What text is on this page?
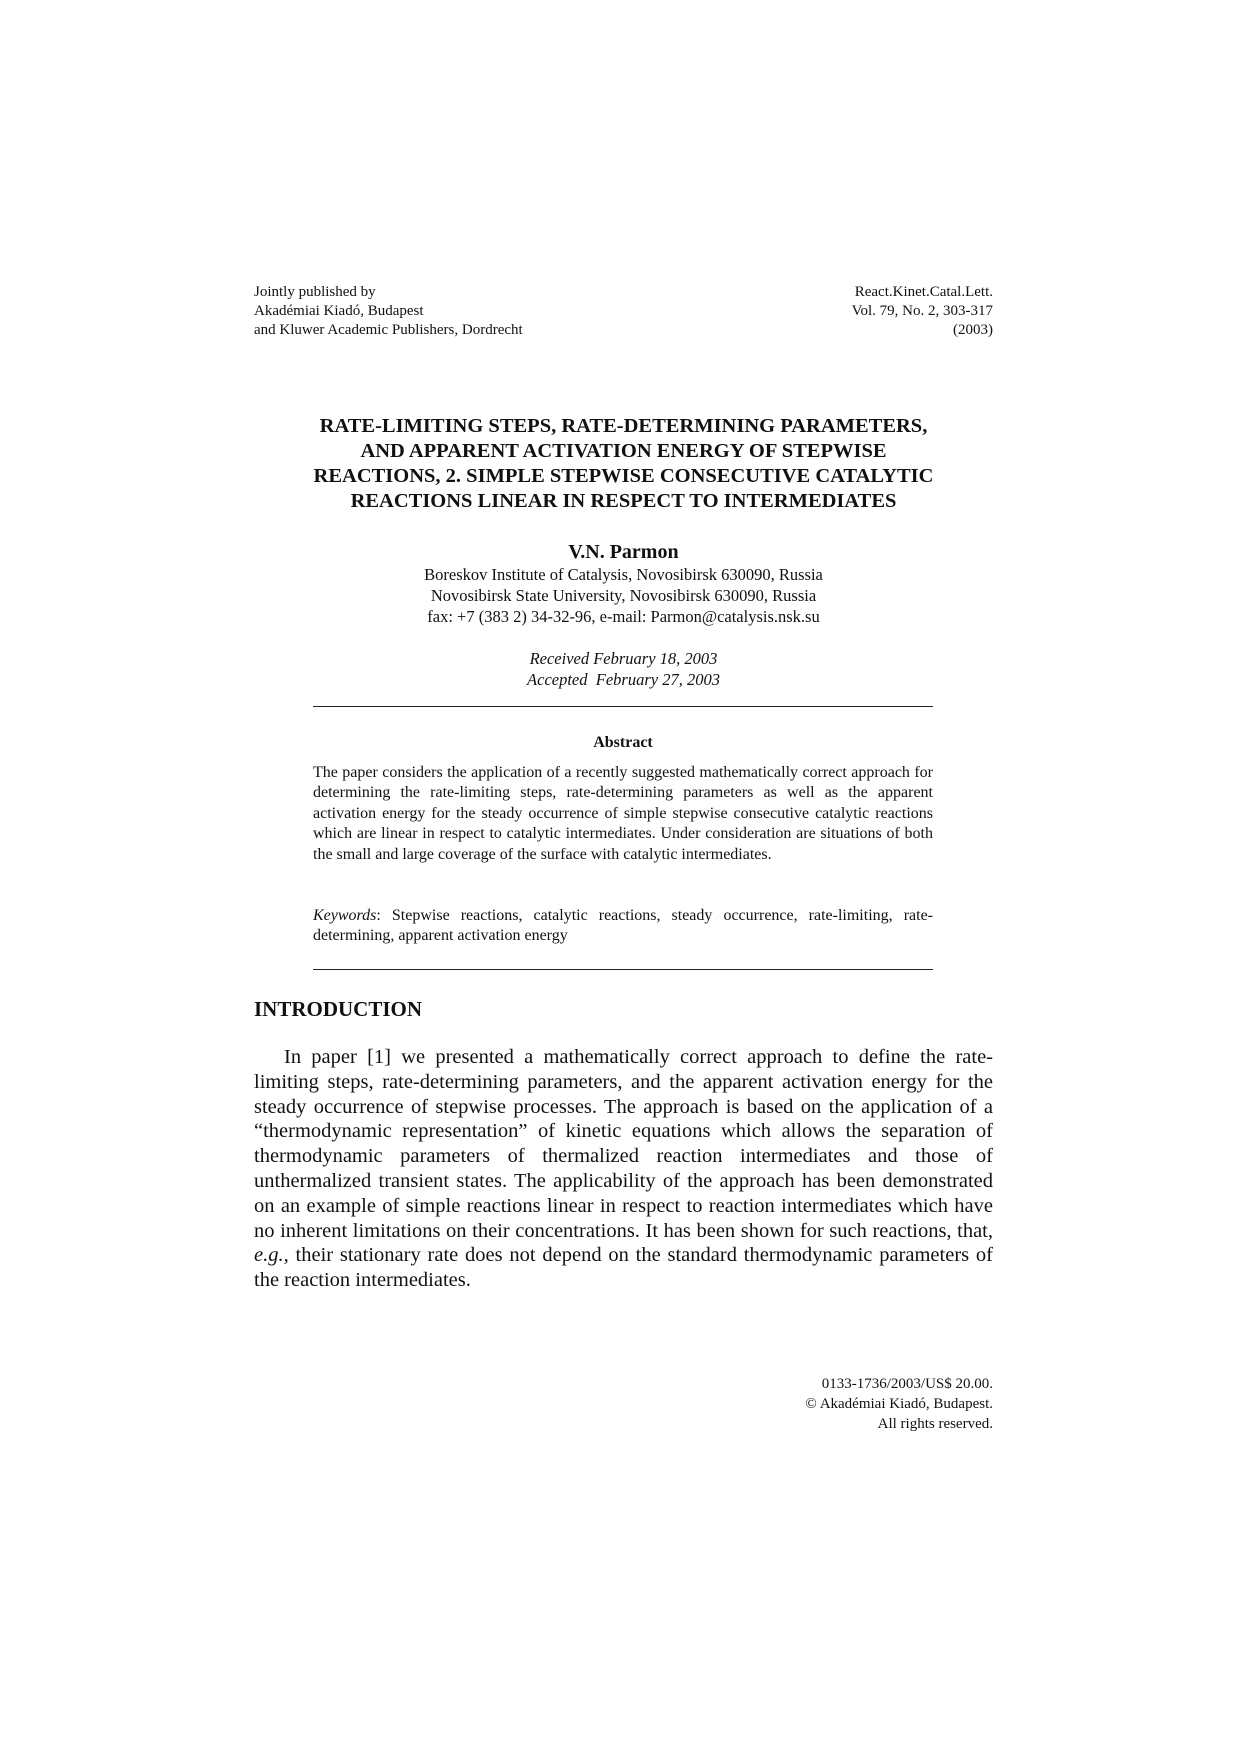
Jointly published by
Akadémiai Kiadó, Budapest
and Kluwer Academic Publishers, Dordrecht
React.Kinet.Catal.Lett.
Vol. 79, No. 2, 303-317
(2003)
RATE-LIMITING STEPS, RATE-DETERMINING PARAMETERS,
AND APPARENT ACTIVATION ENERGY OF STEPWISE
REACTIONS, 2. SIMPLE STEPWISE CONSECUTIVE CATALYTIC
REACTIONS LINEAR IN RESPECT TO INTERMEDIATES
V.N. Parmon
Boreskov Institute of Catalysis, Novosibirsk 630090, Russia
Novosibirsk State University, Novosibirsk 630090, Russia
fax: +7 (383 2) 34-32-96, e-mail: Parmon@catalysis.nsk.su
Received February 18, 2003
Accepted  February 27, 2003
Abstract
The paper considers the application of a recently suggested mathematically correct approach for determining the rate-limiting steps, rate-determining parameters as well as the apparent activation energy for the steady occurrence of simple stepwise consecutive catalytic reactions which are linear in respect to catalytic intermediates. Under consideration are situations of both the small and large coverage of the surface with catalytic intermediates.
Keywords: Stepwise reactions, catalytic reactions, steady occurrence, rate-limiting, rate-determining, apparent activation energy
INTRODUCTION
In paper [1] we presented a mathematically correct approach to define the rate-limiting steps, rate-determining parameters, and the apparent activation energy for the steady occurrence of stepwise processes. The approach is based on the application of a “thermodynamic representation” of kinetic equations which allows the separation of thermodynamic parameters of thermalized reaction intermediates and those of unthermalized transient states. The applicability of the approach has been demonstrated on an example of simple reactions linear in respect to reaction intermediates which have no inherent limitations on their concentrations. It has been shown for such reactions, that, e.g., their stationary rate does not depend on the standard thermodynamic parameters of the reaction intermediates.
0133-1736/2003/US$ 20.00.
© Akadémiai Kiadó, Budapest.
All rights reserved.
